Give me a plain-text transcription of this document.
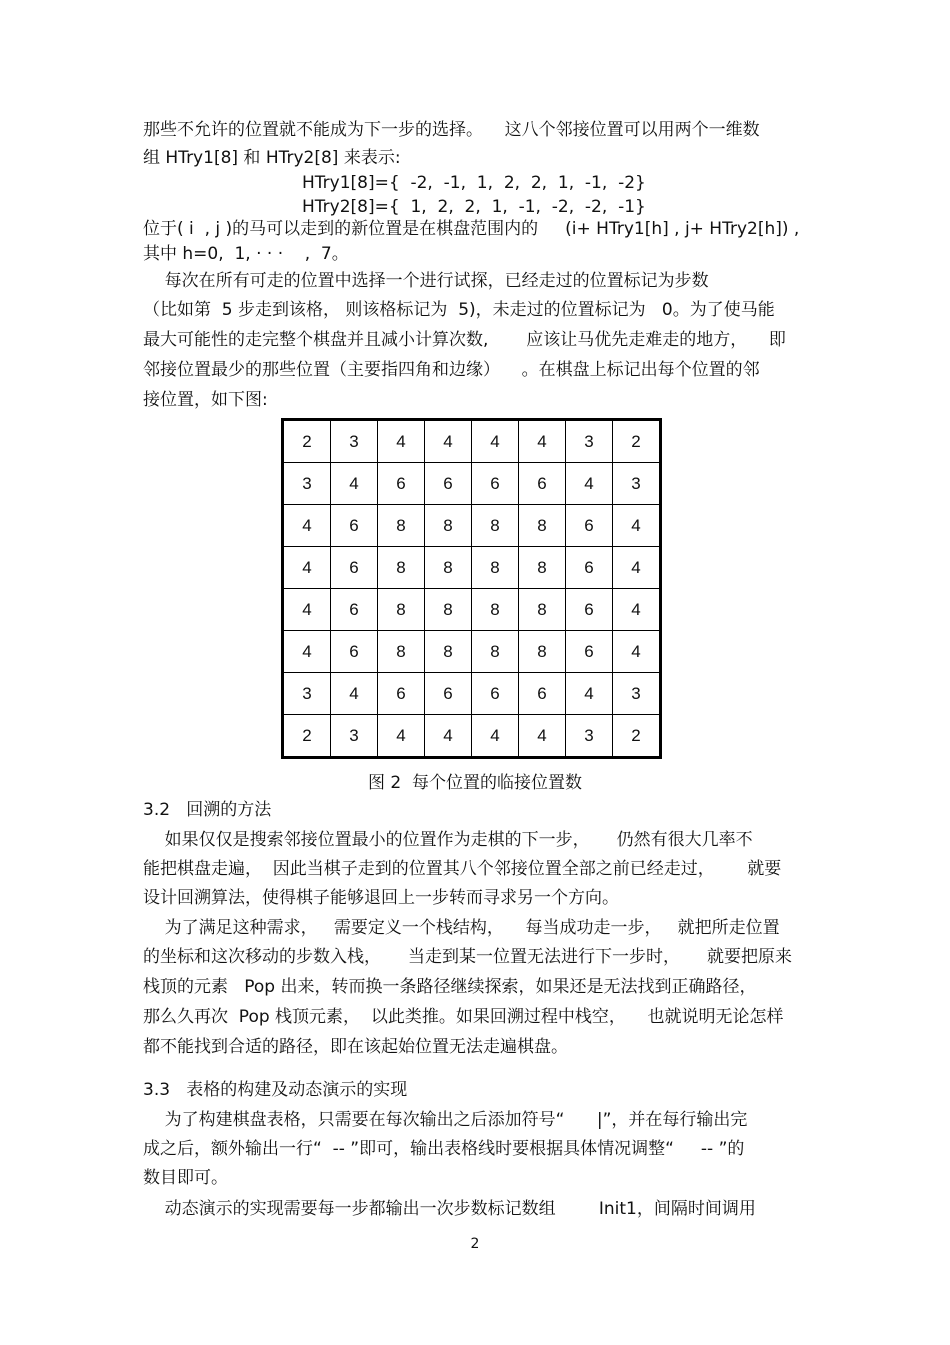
那些不允许的位置就不能成为下一步的选择。    这八个邻接位置可以用两个一维数
组 HTry1[8] 和 HTry2[8] 来表示:
HTry1[8]={  -2,  -1,  1,  2,  2,  1,  -1,  -2}
HTry2[8]={  1,  2,  2,  1,  -1,  -2,  -2,  -1}
位于( i  , j )的马可以走到的新位置是在棋盘范围内的     (i+ HTry1[h] , j+ HTry2[h]) ,
其中 h=0,  1, · · ·    ,  7。
每次在所有可走的位置中选择一个进行试探，已经走过的位置标记为步数
（比如第  5 步走到该格， 则该格标记为  5)，未走过的位置标记为   0。为了使马能
最大可能性的走完整个棋盘并且减小计算次数,       应该让马优先走难走的地方，    即
邻接位置最少的那些位置（主要指四角和边缘）    。在棋盘上标记出每个位置的邻
接位置，如下图:
2	3	4	4	4	4	3	2
3	4	6	6	6	6	4	3
4	6	8	8	8	8	6	4
4	6	8	8	8	8	6	4
4	6	8	8	8	8	6	4
4	6	8	8	8	8	6	4
3	4	6	6	6	6	4	3
2	3	4	4	4	4	3	2
图 2  每个位置的临接位置数
3.2   回溯的方法
如果仅仅是搜索邻接位置最小的位置作为走棋的下一步，     仍然有很大几率不
能把棋盘走遍，  因此当棋子走到的位置其八个邻接位置全部之前已经走过，      就要
设计回溯算法，使得棋子能够退回上一步转而寻求另一个方向。
为了满足这种需求，   需要定义一个栈结构，    每当成功走一步，   就把所走位置
的坐标和这次移动的步数入栈，     当走到某一位置无法进行下一步时，     就要把原来
栈顶的元素   Pop 出来，转而换一条路径继续探索，如果还是无法找到正确路径，
那么久再次  Pop 栈顶元素，  以此类推。如果回溯过程中栈空，    也就说明无论怎样
都不能找到合适的路径，即在该起始位置无法走遍棋盘。
3.3   表格的构建及动态演示的实现
为了构建棋盘表格，只需要在每次输出之后添加符号“      |”，并在每行输出完
成之后，额外输出一行“  -- ”即可，输出表格线时要根据具体情况调整“     -- ”的
数目即可。
动态演示的实现需要每一步都输出一次步数标记数组        Init1，间隔时间调用
2
